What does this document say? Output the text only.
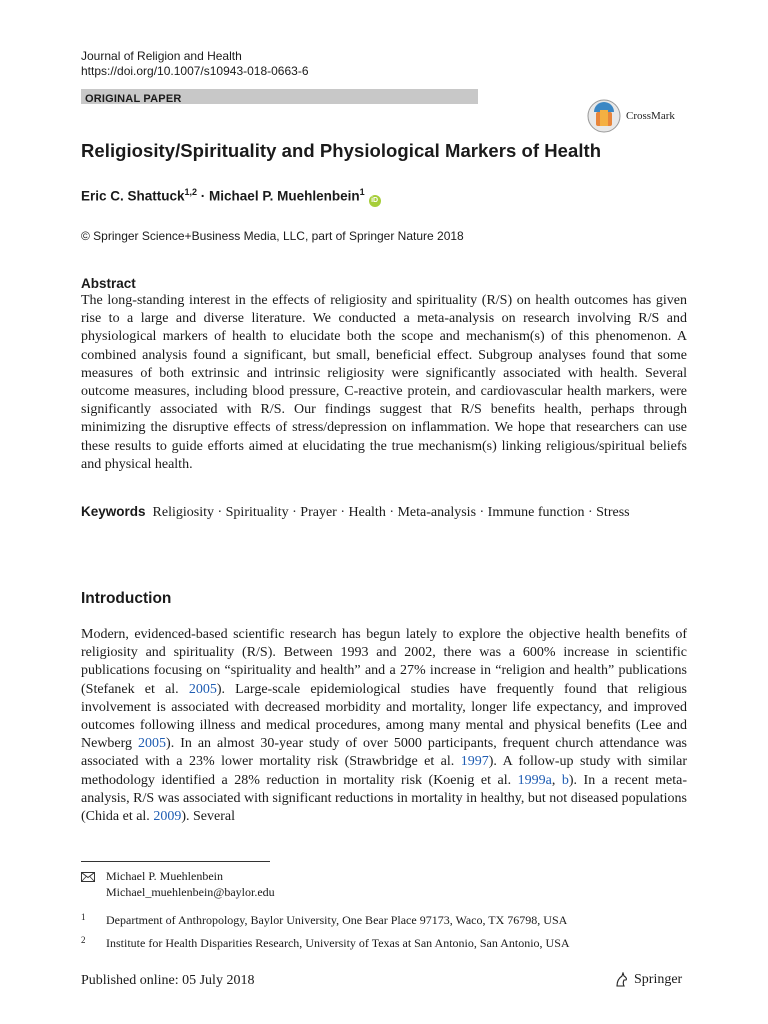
Journal of Religion and Health
https://doi.org/10.1007/s10943-018-0663-6
ORIGINAL PAPER
CrossMark
Religiosity/Spirituality and Physiological Markers of Health
Eric C. Shattuck$^{1,2}$ · Michael P. Muehlenbein$^1$iD
© Springer Science+Business Media, LLC, part of Springer Nature 2018
Abstract
The long-standing interest in the effects of religiosity and spirituality (R/S) on health outcomes has given rise to a large and diverse literature. We conducted a meta-analysis on research involving R/S and physiological markers of health to elucidate both the scope and mechanism(s) of this phenomenon. A combined analysis found a significant, but small, beneficial effect. Subgroup analyses found that some measures of both extrinsic and intrinsic religiosity were significantly associated with health. Several outcome measures, including blood pressure, C-reactive protein, and cardiovascular health markers, were significantly associated with R/S. Our findings suggest that R/S benefits health, perhaps through minimizing the disruptive effects of stress/depression on inflammation. We hope that researchers can use these results to guide efforts aimed at elucidating the true mechanism(s) linking religious/spiritual beliefs and physical health.
Keywords Religiosity · Spirituality · Prayer · Health · Meta-analysis · Immune function · Stress
Introduction
Modern, evidenced-based scientific research has begun lately to explore the objective health benefits of religiosity and spirituality (R/S). Between 1993 and 2002, there was a 600% increase in scientific publications focusing on “spirituality and health” and a 27% increase in “religion and health” publications (Stefanek et al. 2005). Large-scale epidemiological studies have frequently found that religious involvement is associated with decreased morbidity and mortality, longer life expectancy, and improved outcomes following illness and medical procedures, among many mental and physical benefits (Lee and Newberg 2005). In an almost 30-year study of over 5000 participants, frequent church attendance was associated with a 23% lower mortality risk (Strawbridge et al. 1997). A follow-up study with similar methodology identified a 28% reduction in mortality risk (Koenig et al. 1999a, b). In a recent meta-analysis, R/S was associated with significant reductions in mortality in healthy, but not diseased populations (Chida et al. 2009). Several
Michael P. Muehlenbein
Michael_muehlenbein@baylor.edu
1 Department of Anthropology, Baylor University, One Bear Place 97173, Waco, TX 76798, USA
2 Institute for Health Disparities Research, University of Texas at San Antonio, San Antonio, USA
Published online: 05 July 2018	Springer
